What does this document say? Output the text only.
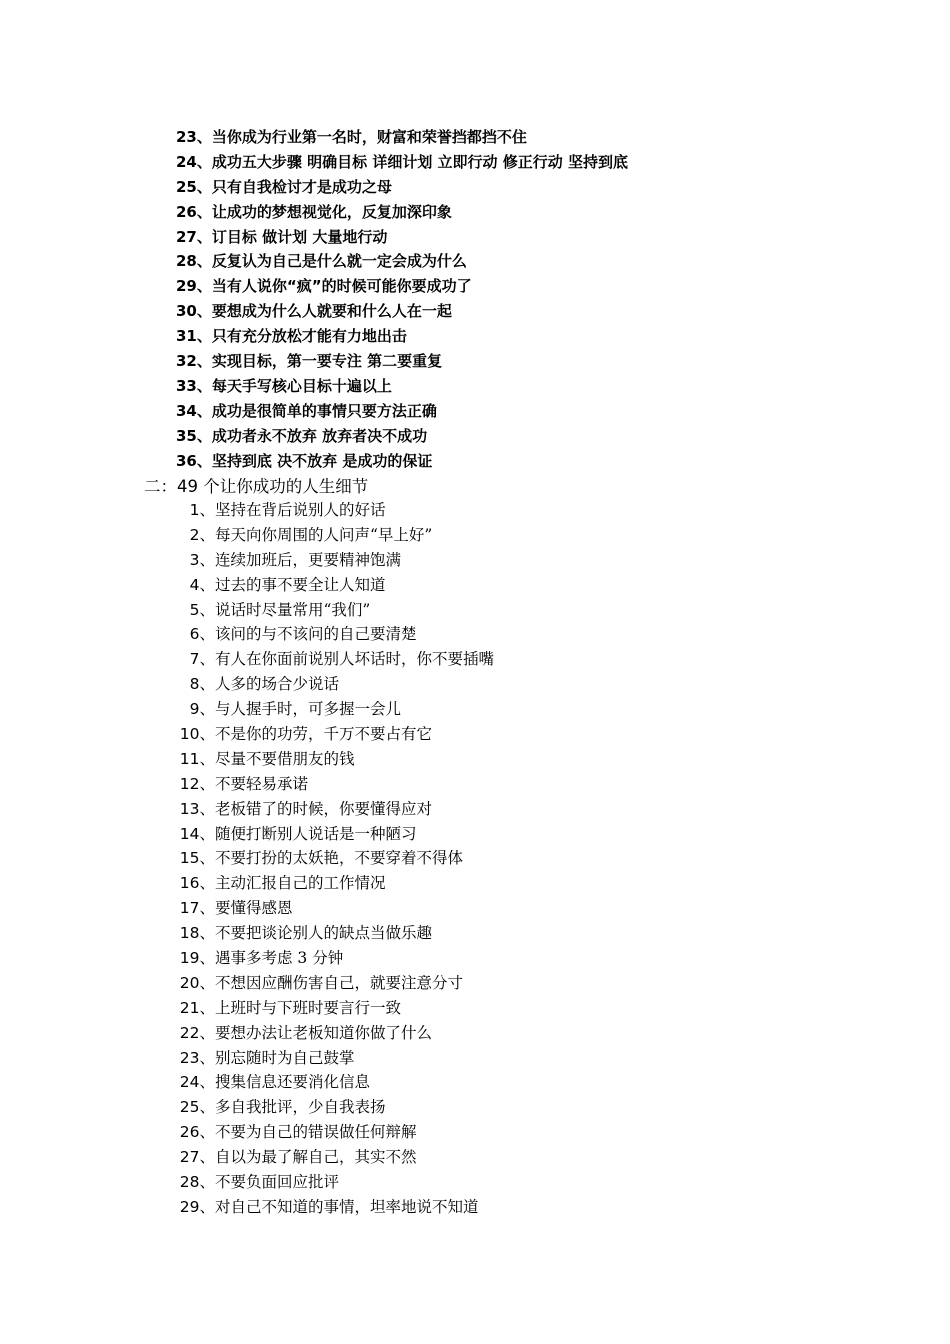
23、当你成为行业第一名时，财富和荣誉挡都挡不住
24、成功五大步骤 明确目标 详细计划 立即行动 修正行动 坚持到底
25、只有自我检讨才是成功之母
26、让成功的梦想视觉化，反复加深印象
27、订目标 做计划 大量地行动
28、反复认为自己是什么就一定会成为什么
29、当有人说你“疯”的时候可能你要成功了
30、要想成为什么人就要和什么人在一起
31、只有充分放松才能有力地出击
32、实现目标，第一要专注 第二要重复
33、每天手写核心目标十遍以上
34、成功是很简单的事情只要方法正确
35、成功者永不放弃 放弃者决不成功
36、坚持到底 决不放弃 是成功的保证
二：49 个让你成功的人生细节
1、坚持在背后说别人的好话
2、每天向你周围的人问声“早上好”
3、连续加班后，更要精神饱满
4、过去的事不要全让人知道
5、说话时尽量常用“我们”
6、该问的与不该问的自己要清楚
7、有人在你面前说别人坏话时，你不要插嘴
8、人多的场合少说话
9、与人握手时，可多握一会儿
10、不是你的功劳，千万不要占有它
11、尽量不要借朋友的钱
12、不要轻易承诺
13、老板错了的时候，你要懂得应对
14、随便打断别人说话是一种陋习
15、不要打扮的太妖艳，不要穿着不得体
16、主动汇报自己的工作情况
17、要懂得感恩
18、不要把谈论别人的缺点当做乐趣
19、遇事多考虑 3 分钟
20、不想因应酬伤害自己，就要注意分寸
21、上班时与下班时要言行一致
22、要想办法让老板知道你做了什么
23、别忘随时为自己鼓掌
24、搜集信息还要消化信息
25、多自我批评，少自我表扬
26、不要为自己的错误做任何辩解
27、自以为最了解自己，其实不然
28、不要负面回应批评
29、对自己不知道的事情，坦率地说不知道
